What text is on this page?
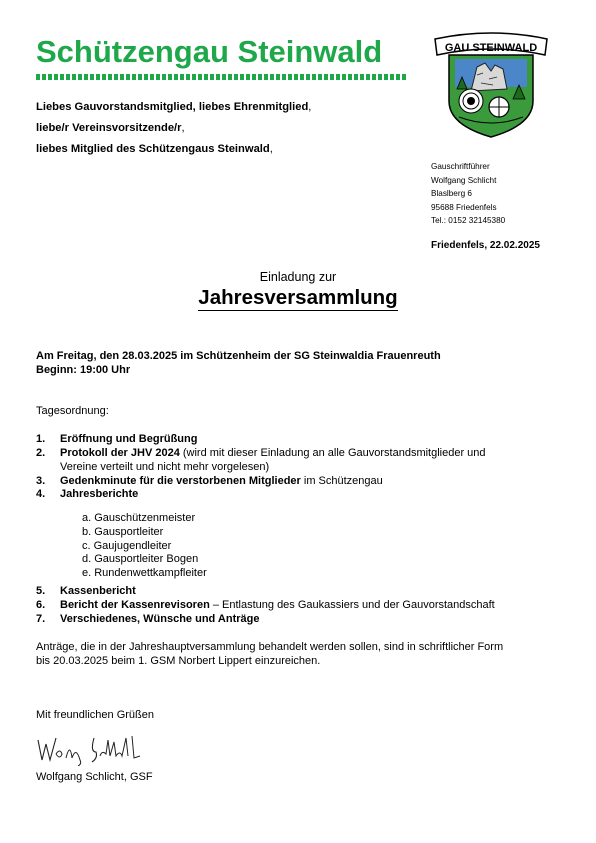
Schützengau Steinwald	GAU STEINWALD
Liebes Gauvorstandsmitglied, liebes Ehrenmitglied,
liebe/r Vereinsvorsitzende/r,
liebes Mitglied des Schützengaus Steinwald,
Gauschriftführer
Wolfgang Schlicht
Blaslberg 6
95688 Friedenfels
Tel.: 0152 32145380
Friedenfels, 22.02.2025
Einladung zur
Jahresversammlung
Am Freitag, den 28.03.2025 im Schützenheim der SG Steinwaldia Frauenreuth
Beginn: 19:00 Uhr
Tagesordnung:
1. Eröffnung und Begrüßung
2. Protokoll der JHV 2024 (wird mit dieser Einladung an alle Gauvorstandsmitglieder und
Vereine verteilt und nicht mehr vorgelesen)
3. Gedenkminute für die verstorbenen Mitglieder im Schützengau
4. Jahresberichte
a. Gauschützenmeister
b. Gausportleiter
c. Gaujugendleiter
d. Gausportleiter Bogen
e. Rundenwettkampfleiter
5. Kassenbericht
6. Bericht der Kassenrevisoren – Entlastung des Gaukassiers und der Gauvorstandschaft
7. Verschiedenes, Wünsche und Anträge
Anträge, die in der Jahreshauptversammlung behandelt werden sollen, sind in schriftlicher Form
bis 20.03.2025 beim 1. GSM Norbert Lippert einzureichen.
Mit freundlichen Grüßen
Wolfgang Schlicht, GSF
